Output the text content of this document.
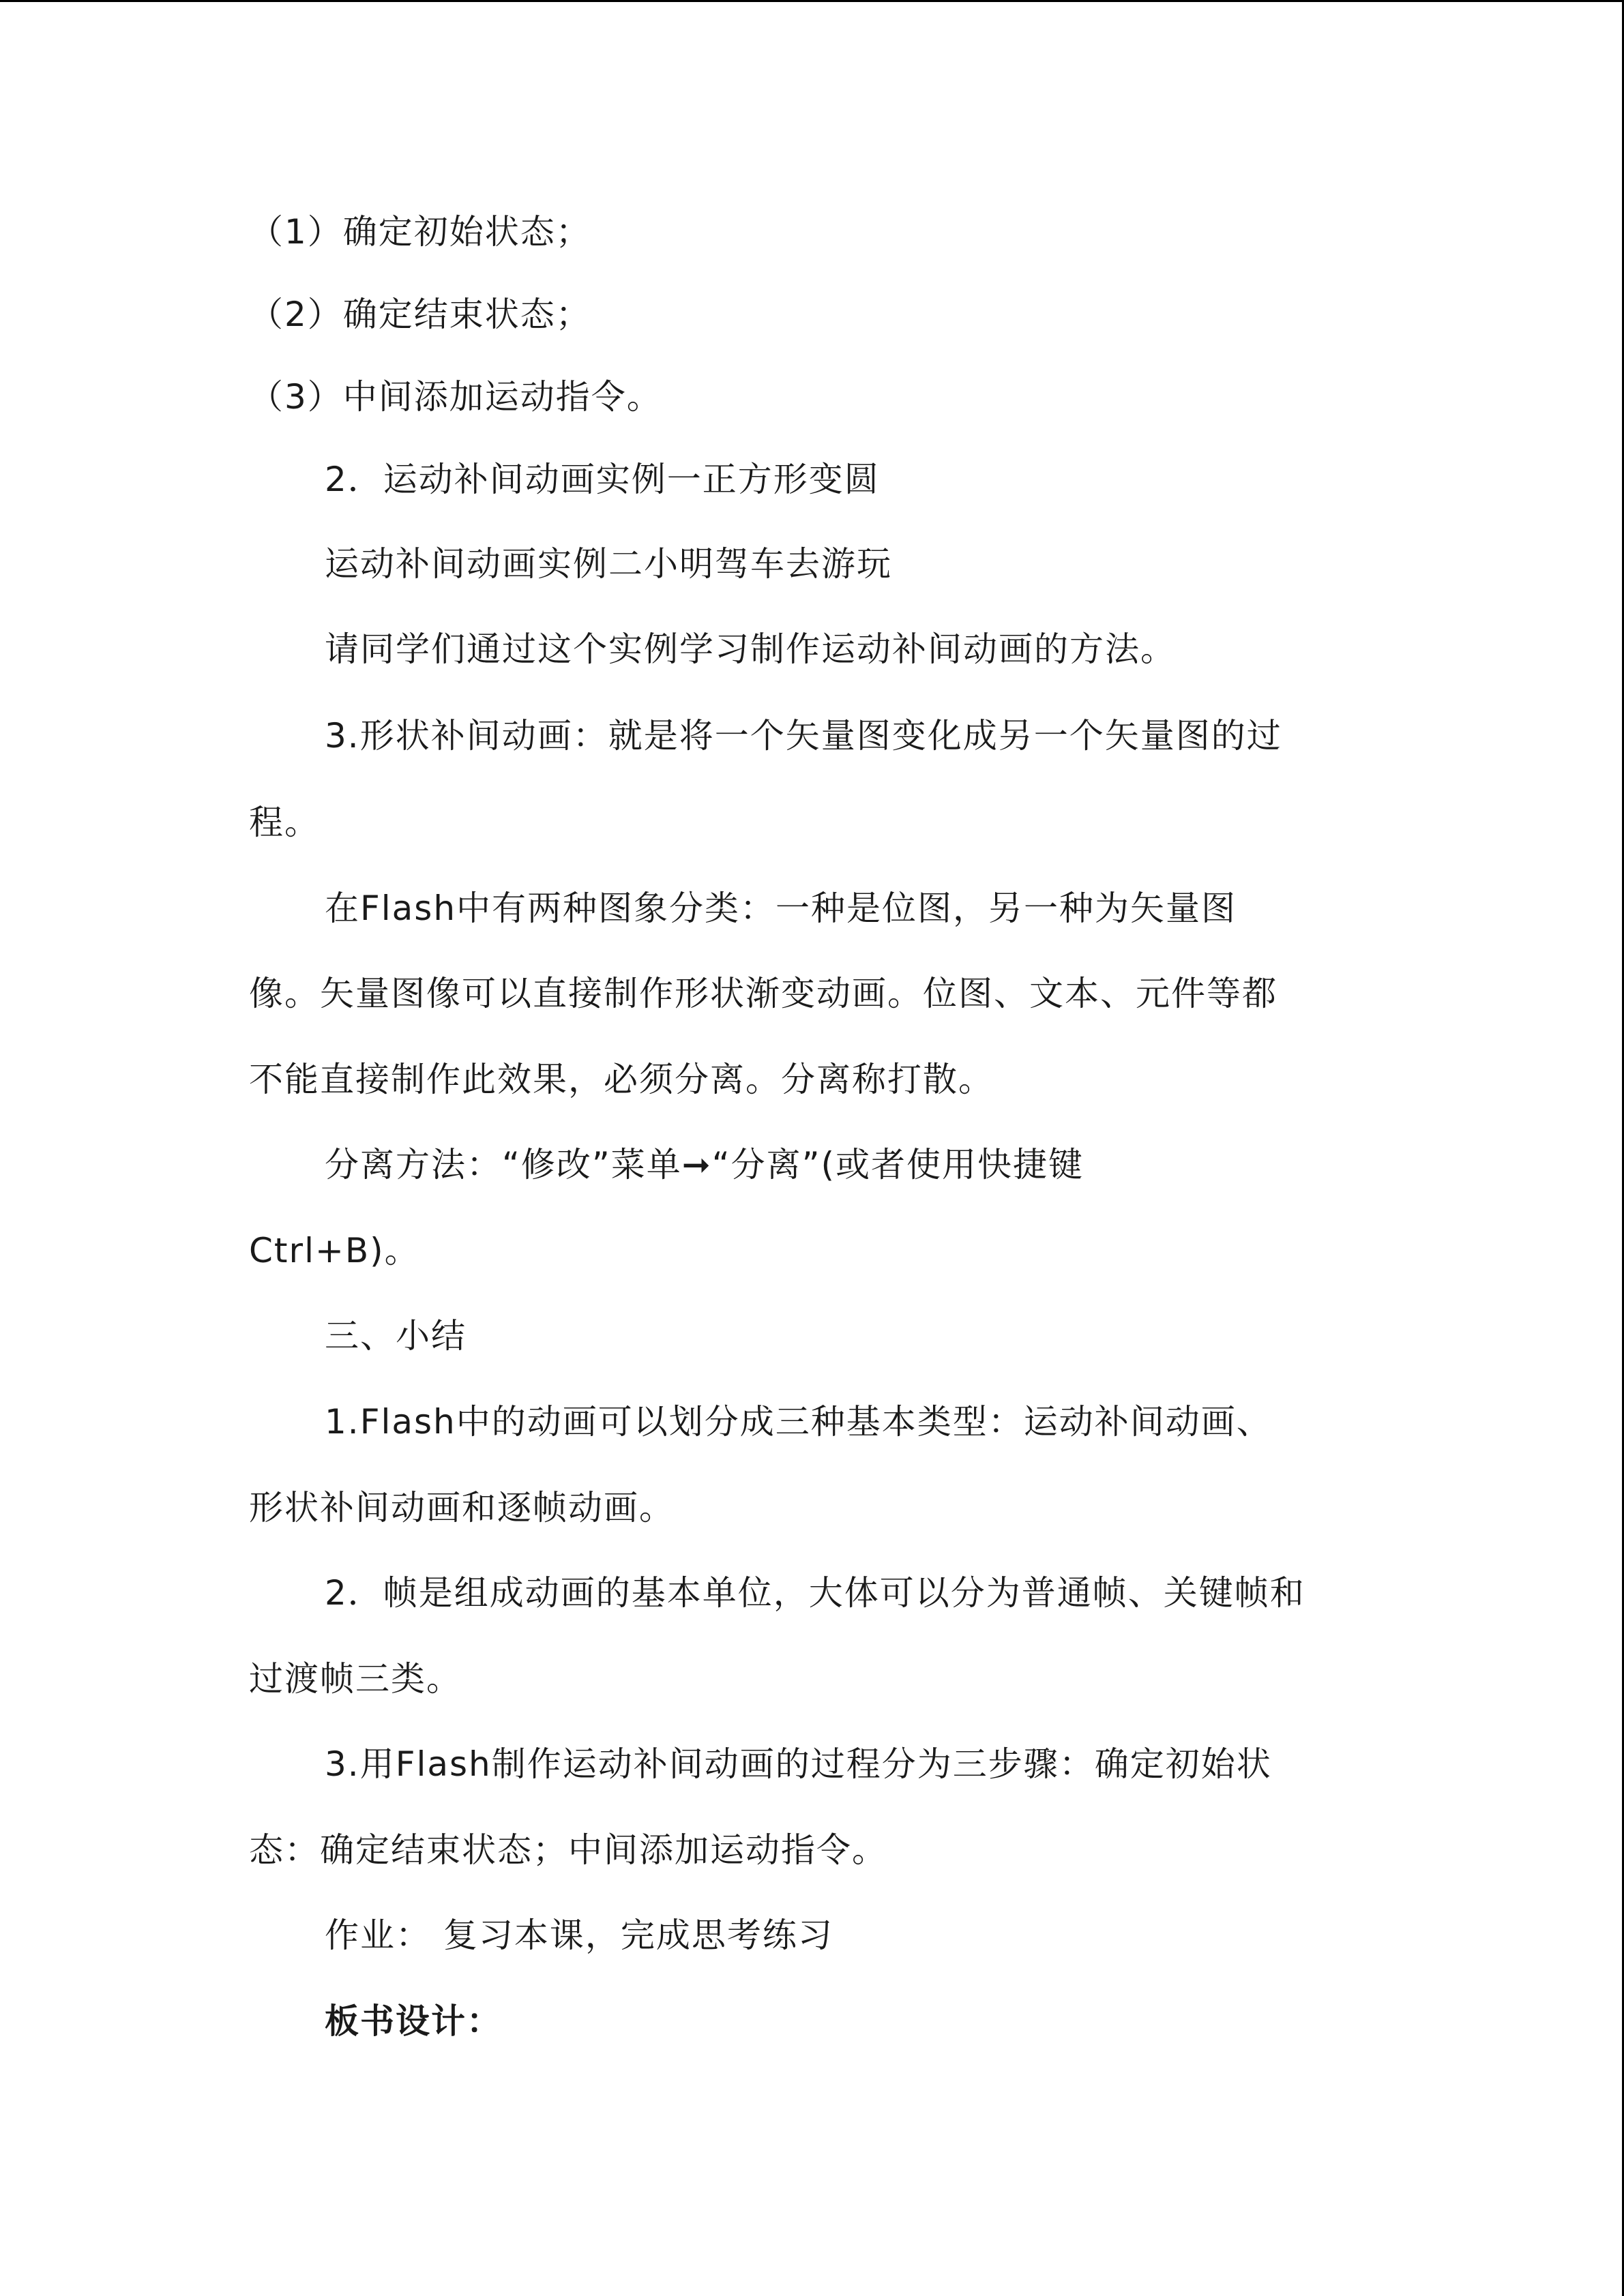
（1）确定初始状态；

（2）确定结束状态；

（3）中间添加运动指令。

2．运动补间动画实例一正方形变圆

运动补间动画实例二小明驾车去游玩

请同学们通过这个实例学习制作运动补间动画的方法。

3.形状补间动画：就是将一个矢量图变化成另一个矢量图的过

程。

在Flash中有两种图象分类：一种是位图，另一种为矢量图

像。矢量图像可以直接制作形状渐变动画。位图、文本、元件等都

不能直接制作此效果，必须分离。分离称打散。

分离方法：“修改”菜单➞“分离”(或者使用快捷键

Ctrl+B)。

三、小结

1.Flash中的动画可以划分成三种基本类型：运动补间动画、

形状补间动画和逐帧动画。

2．帧是组成动画的基本单位，大体可以分为普通帧、关键帧和

过渡帧三类。

3.用Flash制作运动补间动画的过程分为三步骤：确定初始状

态：确定结束状态；中间添加运动指令。

作业： 复习本课，完成思考练习

板书设计：
